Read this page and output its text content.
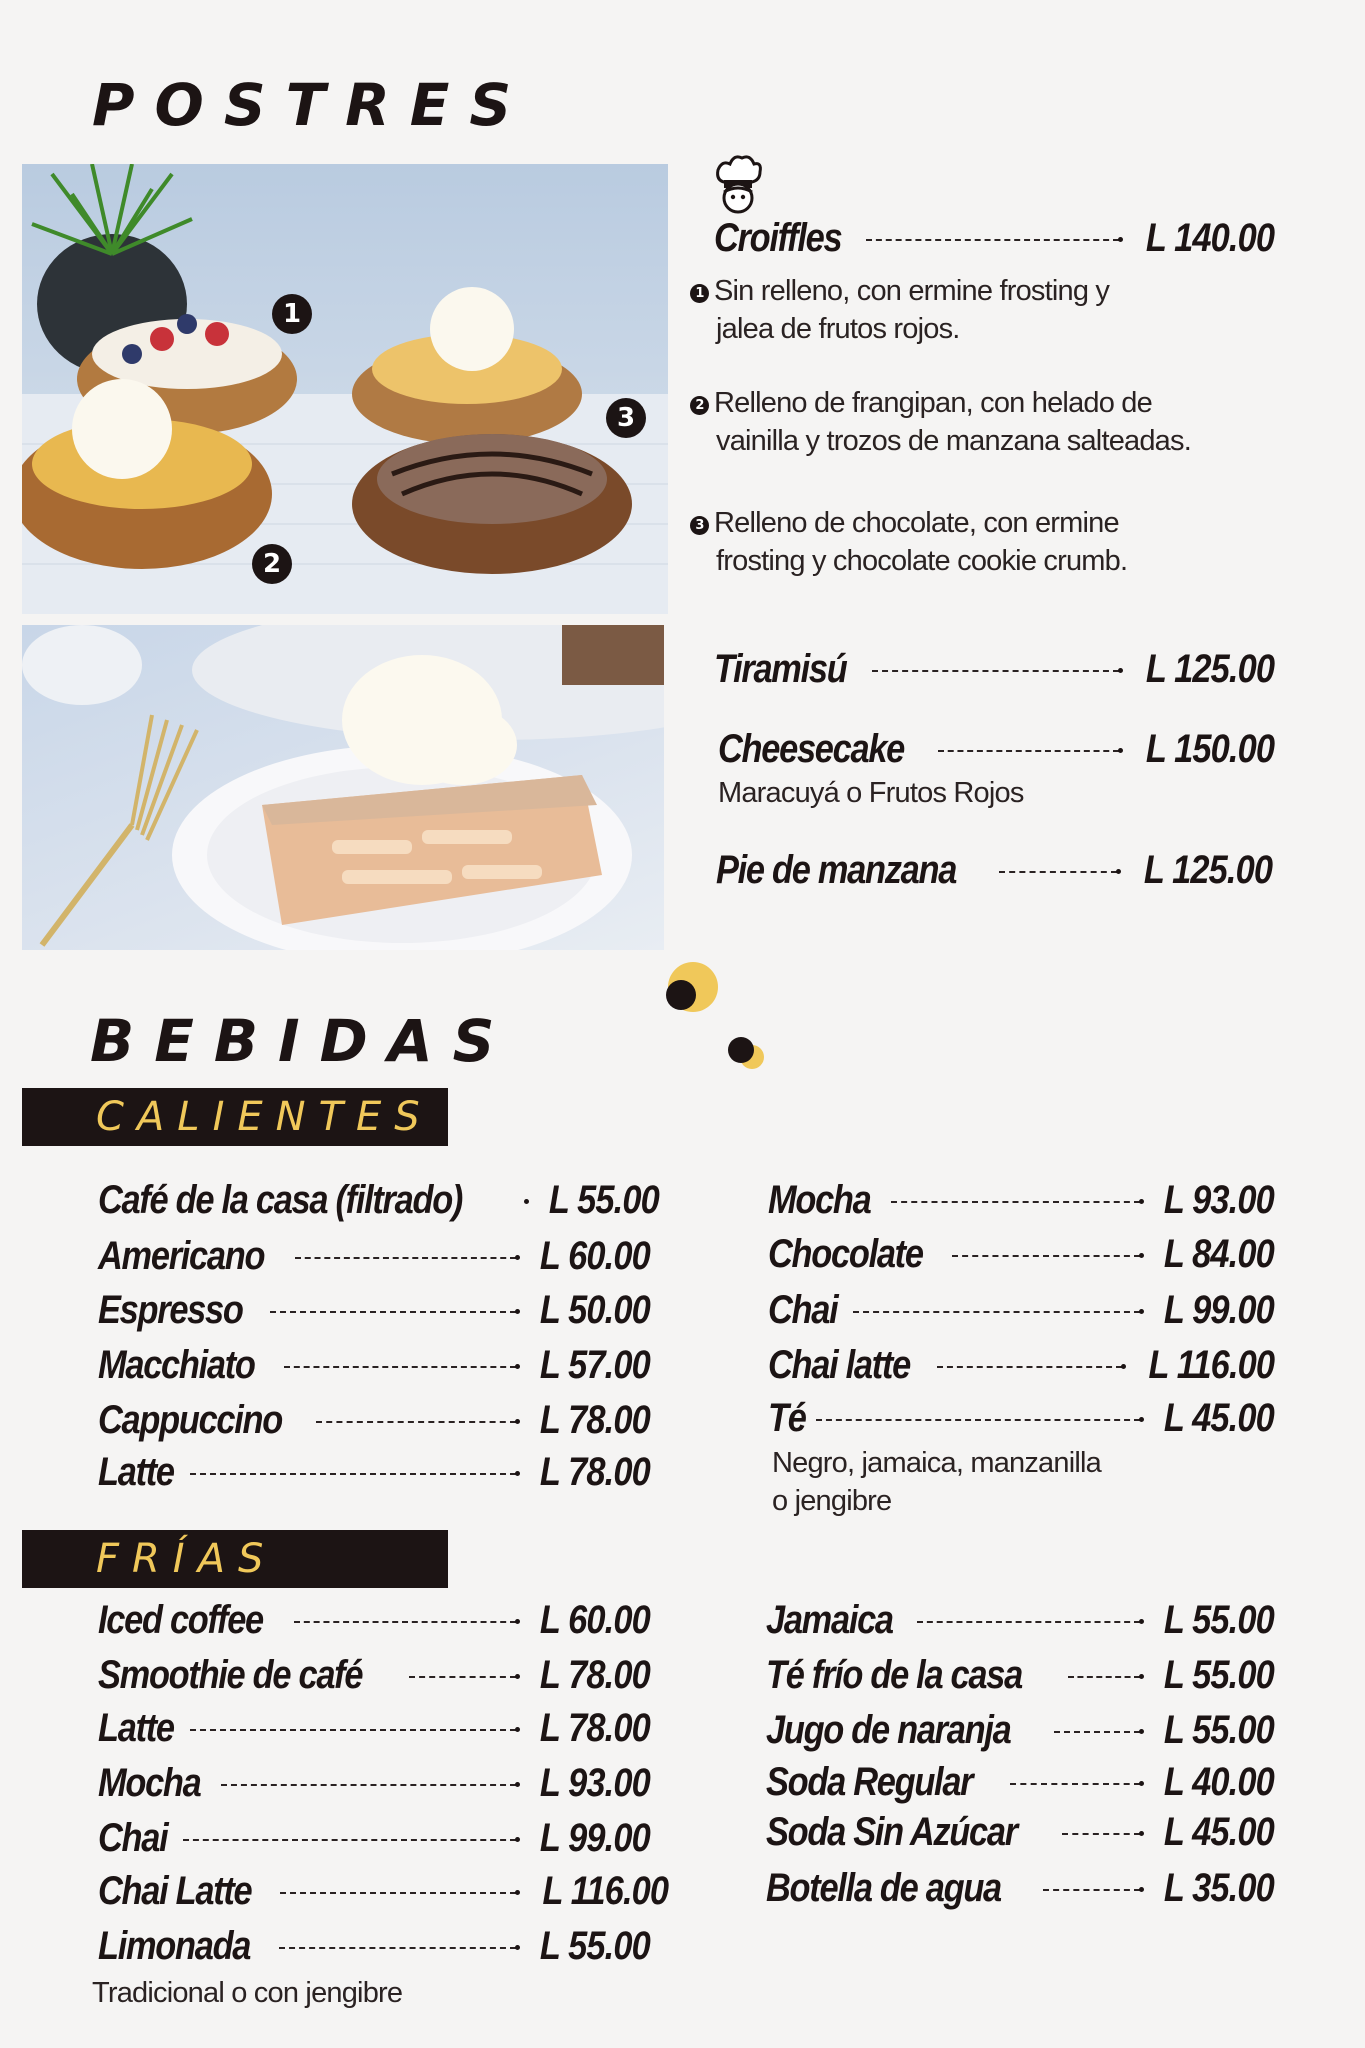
POSTRES
1
2
3
Croiffles	L 140.00
1 Sin relleno, con ermine frosting y
jalea de frutos rojos.
2 Relleno de frangipan, con helado de
vainilla y trozos de manzana salteadas.
3 Relleno de chocolate, con ermine
frosting y chocolate cookie crumb.
Tiramisú	L 125.00
Cheesecake	L 150.00
Maracuyá o Frutos Rojos
Pie de manzana	L 125.00
BEBIDAS
CALIENTES
Café de la casa (filtrado) L 55.00
Americano	L 60.00
Espresso	L 50.00
Macchiato	L 57.00
Cappuccino	L 78.00
Latte	L 78.00
Mocha	L 93.00
Chocolate	L 84.00
Chai	L 99.00
Chai latte	L 116.00
Té	L 45.00
Negro, jamaica, manzanilla
o jengibre
FRÍAS
Iced coffee	L 60.00
Smoothie de café	L 78.00
Latte	L 78.00
Mocha	L 93.00
Chai	L 99.00
Chai Latte	L 116.00
Limonada	L 55.00
Tradicional o con jengibre
Jamaica	L 55.00
Té frío de la casa	L 55.00
Jugo de naranja	L 55.00
Soda Regular	L 40.00
Soda Sin Azúcar	L 45.00
Botella de agua	L 35.00
